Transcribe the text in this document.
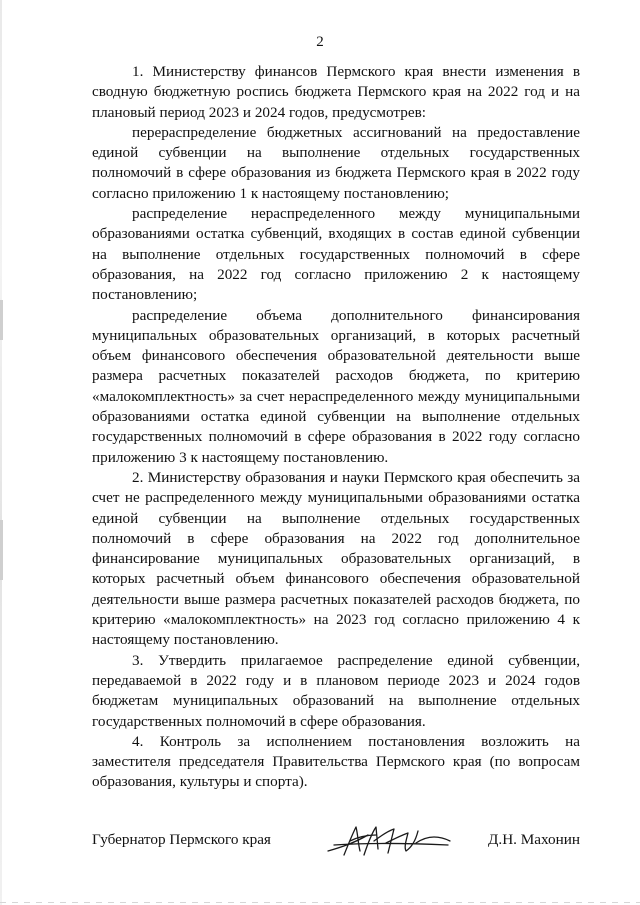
2

1. Министерству финансов Пермского края внести изменения в сводную бюджетную роспись бюджета Пермского края на 2022 год и на плановый период 2023 и 2024 годов, предусмотрев:

перераспределение бюджетных ассигнований на предоставление единой субвенции на выполнение отдельных государственных полномочий в сфере образования из бюджета Пермского края в 2022 году согласно приложению 1 к настоящему постановлению;

распределение нераспределенного между муниципальными образованиями остатка субвенций, входящих в состав единой субвенции на выполнение отдельных государственных полномочий в сфере образования, на 2022 год согласно приложению 2 к настоящему постановлению;

распределение объема дополнительного финансирования муниципальных образовательных организаций, в которых расчетный объем финансового обеспечения образовательной деятельности выше размера расчетных показателей расходов бюджета, по критерию «малокомплектность» за счет нераспределенного между муниципальными образованиями остатка единой субвенции на выполнение отдельных государственных полномочий в сфере образования в 2022 году согласно приложению 3 к настоящему постановлению.

2. Министерству образования и науки Пермского края обеспечить за счет не распределенного между муниципальными образованиями остатка единой субвенции на выполнение отдельных государственных полномочий в сфере образования на 2022 год дополнительное финансирование муниципальных образовательных организаций, в которых расчетный объем финансового обеспечения образовательной деятельности выше размера расчетных показателей расходов бюджета, по критерию «малокомплектность» на 2023 год согласно приложению 4 к настоящему постановлению.

3. Утвердить прилагаемое распределение единой субвенции, передаваемой в 2022 году и в плановом периоде 2023 и 2024 годов бюджетам муниципальных образований на выполнение отдельных государственных полномочий в сфере образования.

4. Контроль за исполнением постановления возложить на заместителя председателя Правительства Пермского края (по вопросам образования, культуры и спорта).

Губернатор Пермского края	Д.Н. Махонин
